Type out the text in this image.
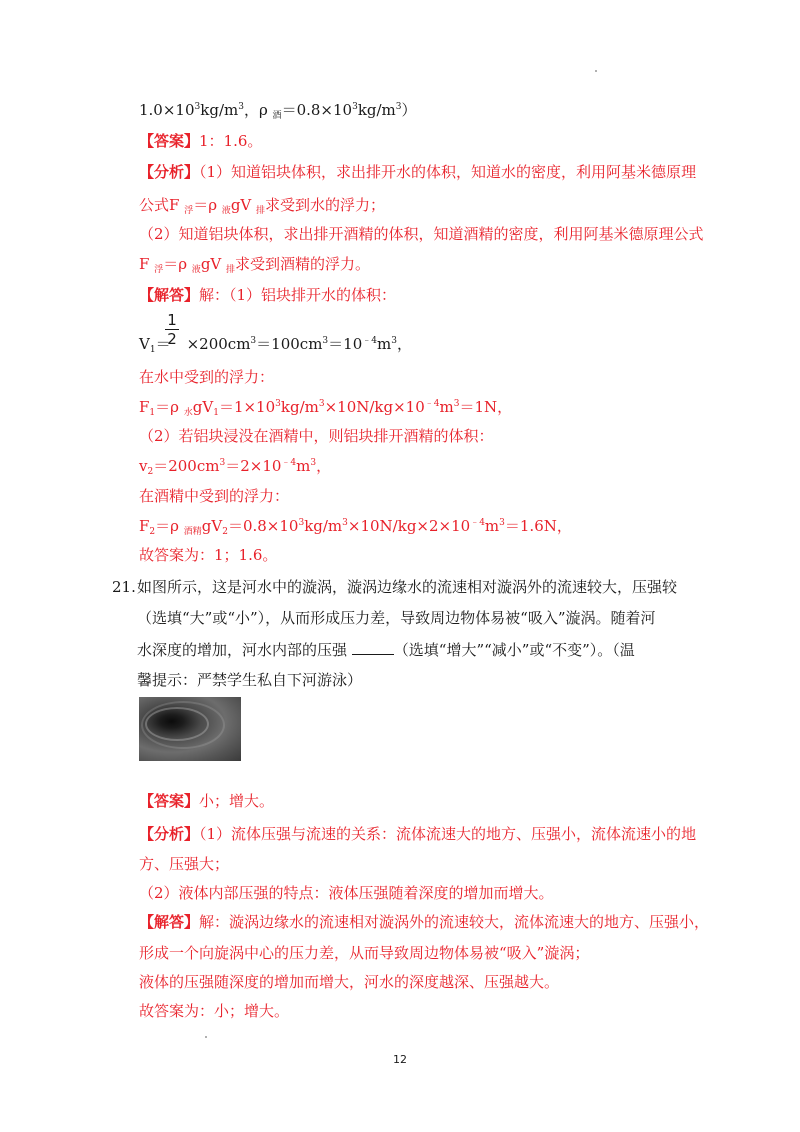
$1.0\times 10^3kg/m^3$，ρ $_酒=0.8\times 10^3kg/m^3$）
【答案】1：1.6。
【分析】（1）知道铝块体积，求出排开水的体积，知道水的密度，利用阿基米德原理
公式F $_浮$＝ρ $_液$gV $_排$求受到水的浮力；
（2）知道铝块体积，求出排开酒精的体积，知道酒精的密度，利用阿基米德原理公式
F $_浮$＝ρ $_液$gV $_排$求受到酒精的浮力。
【解答】解：（1）铝块排开水的体积：
1
2
$V_1= \times 200cm^3=100cm^3=10^{﹣4}m^3$，
在水中受到的浮力：
$F_1=\rho$ $_水gV_1=1\times 10^3kg/m^3\times 10N/kg\times 10^{﹣4}m^3=1N$，
（2）若铝块浸没在酒精中，则铝块排开酒精的体积：
$v_2=200cm^3=2\times 10^{﹣4}m^3$，
在酒精中受到的浮力：
$F_2=\rho$ $_{酒精}gV_2=0.8\times 10^3kg/m^3\times 10N/kg\times 2\times 10^{﹣4}m^3=1.6N$，
故答案为：1；1.6。
21. 如图所示，这是河水中的漩涡，漩涡边缘水的流速相对漩涡外的流速较大，压强较
（选填“大”或“小”），从而形成压力差，导致周边物体易被“吸入”漩涡。随着河
水深度的增加，河水内部的压强	（选填“增大”“减小”或“不变”）。（温
馨提示：严禁学生私自下河游泳）
【答案】小；增大。
【分析】（1）流体压强与流速的关系：流体流速大的地方、压强小，流体流速小的地
方、压强大；
（2）液体内部压强的特点：液体压强随着深度的增加而增大。
【解答】解：漩涡边缘水的流速相对漩涡外的流速较大，流体流速大的地方、压强小，
形成一个向旋涡中心的压力差，从而导致周边物体易被“吸入”漩涡；
液体的压强随深度的增加而增大，河水的深度越深、压强越大。
故答案为：小；增大。
12
